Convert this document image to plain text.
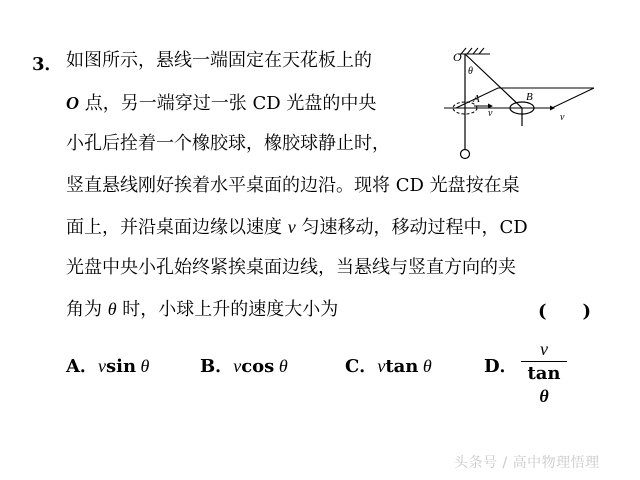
3． 如图所示，悬线一端固定在天花板上的
O 点，另一端穿过一张 CD 光盘的中央
小孔后拴着一个橡胶球，橡胶球静止时，
竖直悬线刚好挨着水平桌面的边沿。现将 CD 光盘按在桌
面上，并沿桌面边缘以速度 v 匀速移动，移动过程中，CD
光盘中央小孔始终紧挨桌面边线，当悬线与竖直方向的夹
角为 θ 时，小球上升的速度大小为	(　　)
A．vsin θ	B．vcos θ	C．vtan θ	D． $\frac{v}{\text{tan θ}}$
O
θ
A	B
v	v
头条号 / 高中物理悟理
